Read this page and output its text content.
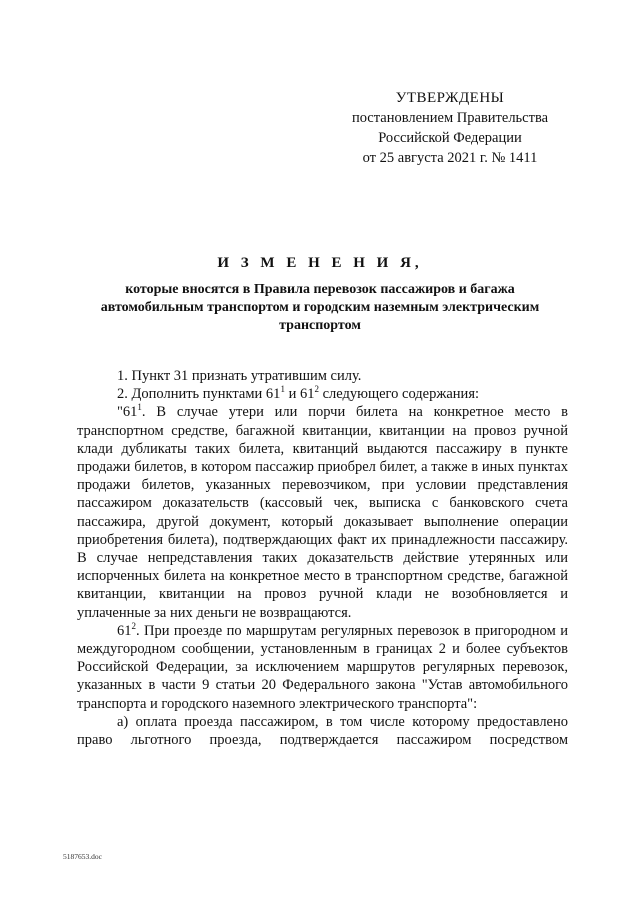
УТВЕРЖДЕНЫ
постановлением Правительства
Российской Федерации
от 25 августа 2021 г. № 1411
И З М Е Н Е Н И Я,
которые вносятся в Правила перевозок пассажиров и багажа автомобильным транспортом и городским наземным электрическим транспортом

1. Пункт 31 признать утратившим силу.

2. Дополнить пунктами $61^1$ и $61^2$ следующего содержания:

"$61^1$. В случае утери или порчи билета на конкретное место в транспортном средстве, багажной квитанции, квитанции на провоз ручной клади дубликаты таких билета, квитанций выдаются пассажиру в пункте продажи билетов, в котором пассажир приобрел билет, а также в иных пунктах продажи билетов, указанных перевозчиком, при условии представления пассажиром доказательств (кассовый чек, выписка с банковского счета пассажира, другой документ, который доказывает выполнение операции приобретения билета), подтверждающих факт их принадлежности пассажиру. В случае непредставления таких доказательств действие утерянных или испорченных билета на конкретное место в транспортном средстве, багажной квитанции, квитанции на провоз ручной клади не возобновляется и уплаченные за них деньги не возвращаются.

$61^2$. При проезде по маршрутам регулярных перевозок в пригородном и междугородном сообщении, установленным в границах 2 и более субъектов Российской Федерации, за исключением маршрутов регулярных перевозок, указанных в части 9 статьи 20 Федерального закона "Устав автомобильного транспорта и городского наземного электрического транспорта":

а) оплата проезда пассажиром, в том числе которому предоставлено право льготного проезда, подтверждается пассажиром посредством

5187653.doc
